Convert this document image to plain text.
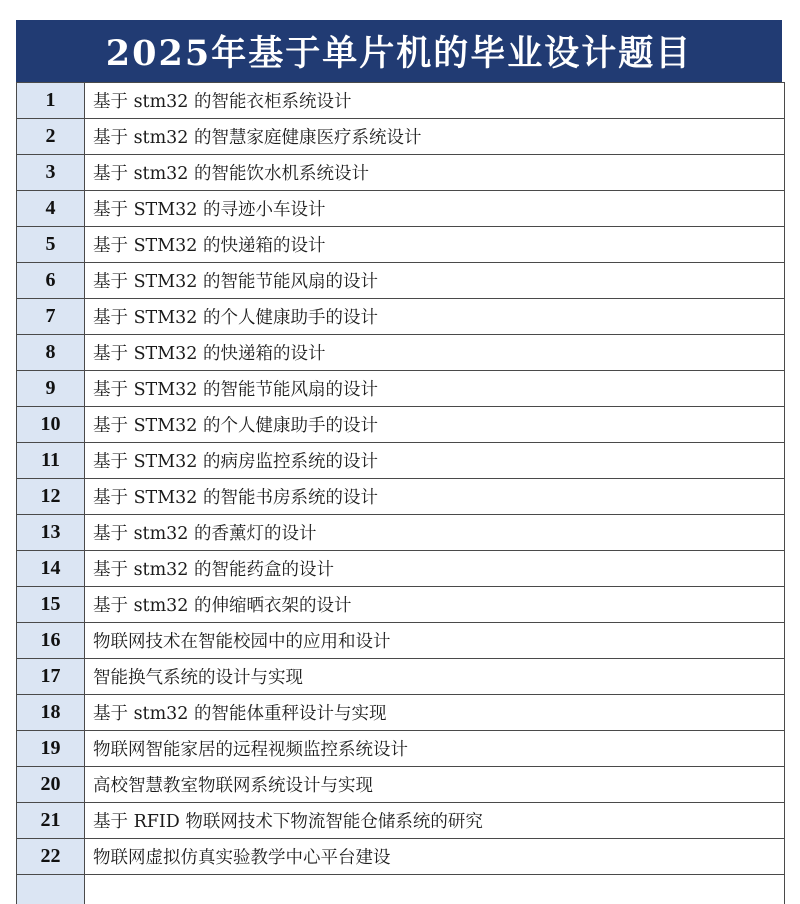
2025年基于单片机的毕业设计题目
1	基于 stm32 的智能衣柜系统设计
2	基于 stm32 的智慧家庭健康医疗系统设计
3	基于 stm32 的智能饮水机系统设计
4	基于 STM32 的寻迹小车设计
5	基于 STM32 的快递箱的设计
6	基于 STM32 的智能节能风扇的设计
7	基于 STM32 的个人健康助手的设计
8	基于 STM32 的快递箱的设计
9	基于 STM32 的智能节能风扇的设计
10	基于 STM32 的个人健康助手的设计
11	基于 STM32 的病房监控系统的设计
12	基于 STM32 的智能书房系统的设计
13	基于 stm32 的香薰灯的设计
14	基于 stm32 的智能药盒的设计
15	基于 stm32 的伸缩晒衣架的设计
16	物联网技术在智能校园中的应用和设计
17	智能换气系统的设计与实现
18	基于 stm32 的智能体重秤设计与实现
19	物联网智能家居的远程视频监控系统设计
20	高校智慧教室物联网系统设计与实现
21	基于 RFID 物联网技术下物流智能仓储系统的研究
22	物联网虚拟仿真实验教学中心平台建设
